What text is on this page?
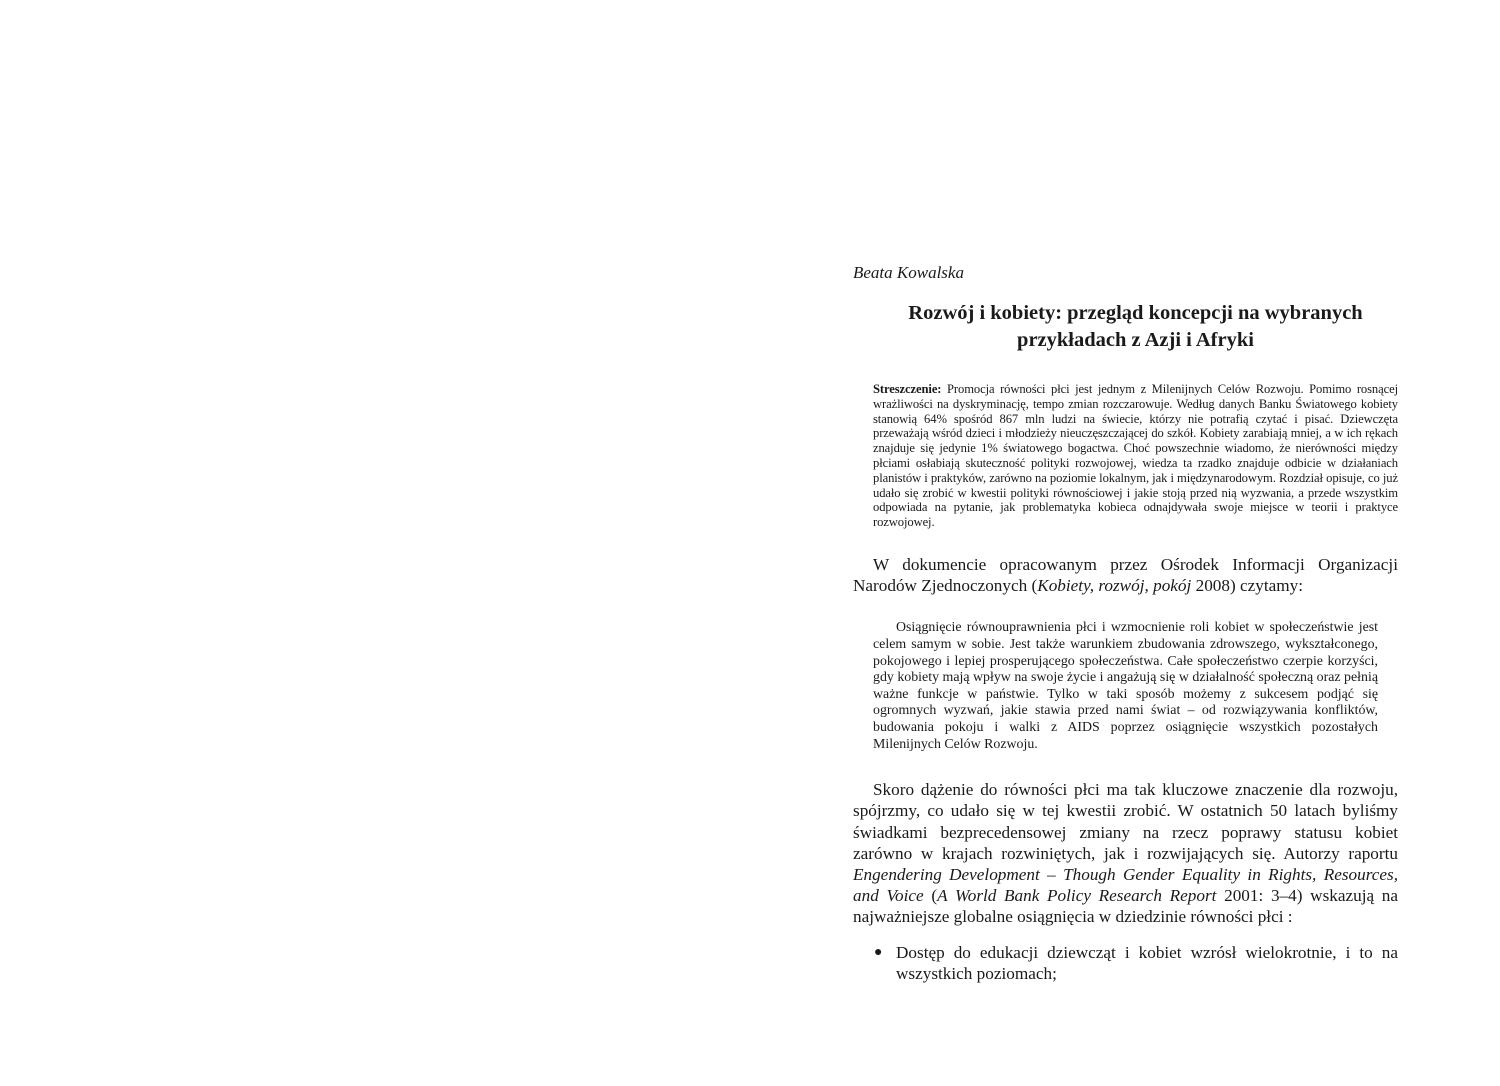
Beata Kowalska

Rozwój i kobiety: przegląd koncepcji na wybranych
przykładach z Azji i Afryki

Streszczenie: Promocja równości płci jest jednym z Milenijnych Celów Rozwoju. Pomimo rosnącej wrażliwości na dyskryminację, tempo zmian rozczarowuje. Według danych Banku Światowego kobiety stanowią 64% spośród 867 mln ludzi na świecie, którzy nie potrafią czytać i pisać. Dziewczęta przeważają wśród dzieci i młodzieży nieuczęszczającej do szkół. Kobiety zarabiają mniej, a w ich rękach znajduje się jedynie 1% światowego bogactwa. Choć powszechnie wiadomo, że nierówności między płciami osłabiają skuteczność polityki rozwojowej, wiedza ta rzadko znajduje odbicie w działaniach planistów i praktyków, zarówno na poziomie lokalnym, jak i międzynarodowym. Rozdział opisuje, co już udało się zrobić w kwestii polityki równościowej i jakie stoją przed nią wyzwania, a przede wszystkim odpowiada na pytanie, jak problematyka kobieca odnajdywała swoje miejsce w teorii i praktyce rozwojowej.

W dokumencie opracowanym przez Ośrodek Informacji Organizacji Narodów Zjednoczonych (Kobiety, rozwój, pokój 2008) czytamy:

Osiągnięcie równouprawnienia płci i wzmocnienie roli kobiet w społeczeństwie jest celem samym w sobie. Jest także warunkiem zbudowania zdrowszego, wykształconego, pokojowego i lepiej prosperującego społeczeństwa. Całe społeczeństwo czerpie korzyści, gdy kobiety mają wpływ na swoje życie i angażują się w działalność społeczną oraz pełnią ważne funkcje w państwie. Tylko w taki sposób możemy z sukcesem podjąć się ogromnych wyzwań, jakie stawia przed nami świat – od rozwiązywania konfliktów, budowania pokoju i walki z AIDS poprzez osiągnięcie wszystkich pozostałych Milenijnych Celów Rozwoju.

Skoro dążenie do równości płci ma tak kluczowe znaczenie dla rozwoju, spójrzmy, co udało się w tej kwestii zrobić. W ostatnich 50 latach byliśmy świadkami bezprecedensowej zmiany na rzecz poprawy statusu kobiet zarówno w krajach rozwiniętych, jak i rozwijających się. Autorzy raportu Engendering Development – Though Gender Equality in Rights, Resources, and Voice (A World Bank Policy Research Report 2001: 3–4) wskazują na najważniejsze globalne osiągnięcia w dziedzinie równości płci :

● Dostęp do edukacji dziewcząt i kobiet wzrósł wielokrotnie, i to na wszystkich poziomach;
